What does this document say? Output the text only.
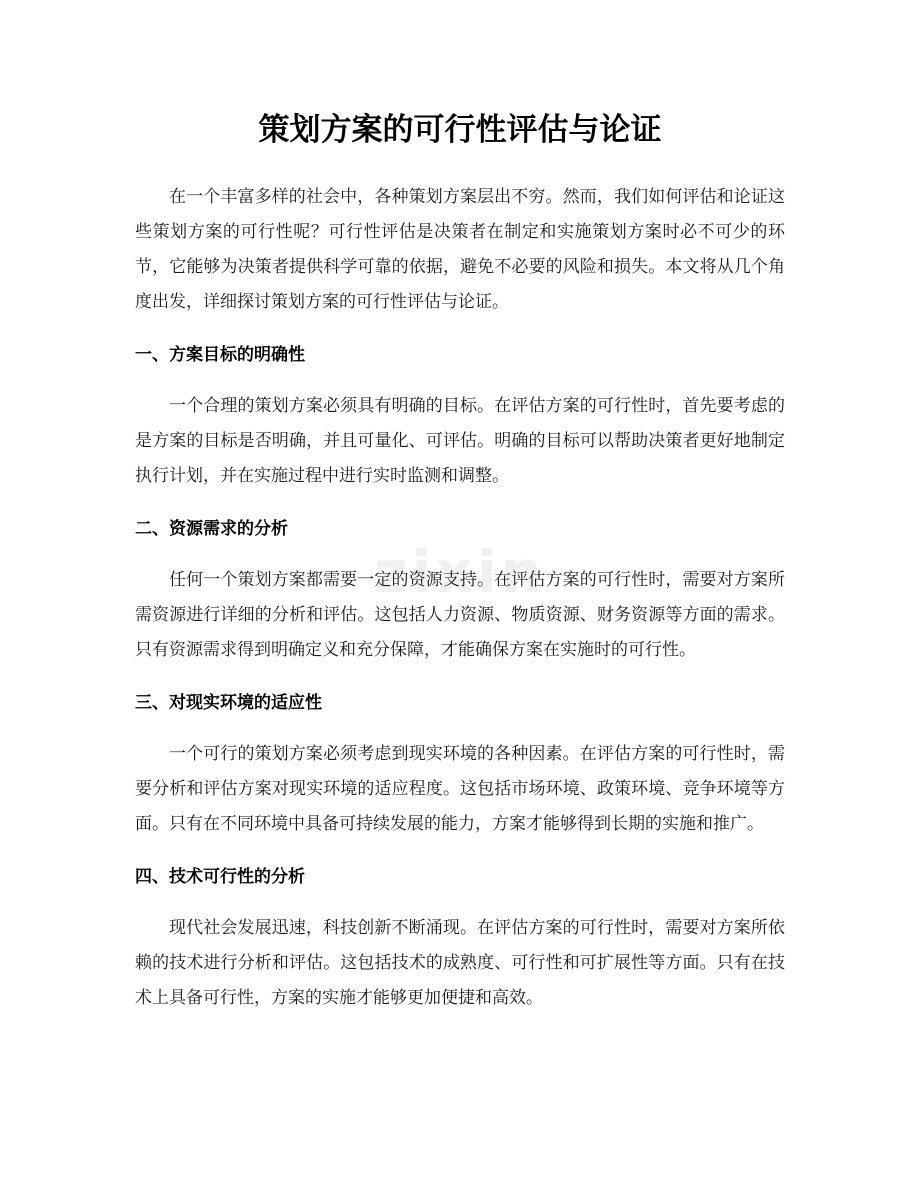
zixin
策划方案的可行性评估与论证

在一个丰富多样的社会中，各种策划方案层出不穷。然而，我们如何评估和论证这些策划方案的可行性呢？可行性评估是决策者在制定和实施策划方案时必不可少的环节，它能够为决策者提供科学可靠的依据，避免不必要的风险和损失。本文将从几个角度出发，详细探讨策划方案的可行性评估与论证。

一、方案目标的明确性

一个合理的策划方案必须具有明确的目标。在评估方案的可行性时，首先要考虑的是方案的目标是否明确，并且可量化、可评估。明确的目标可以帮助决策者更好地制定执行计划，并在实施过程中进行实时监测和调整。

二、资源需求的分析

任何一个策划方案都需要一定的资源支持。在评估方案的可行性时，需要对方案所需资源进行详细的分析和评估。这包括人力资源、物质资源、财务资源等方面的需求。只有资源需求得到明确定义和充分保障，才能确保方案在实施时的可行性。

三、对现实环境的适应性

一个可行的策划方案必须考虑到现实环境的各种因素。在评估方案的可行性时，需要分析和评估方案对现实环境的适应程度。这包括市场环境、政策环境、竞争环境等方面。只有在不同环境中具备可持续发展的能力，方案才能够得到长期的实施和推广。

四、技术可行性的分析

现代社会发展迅速，科技创新不断涌现。在评估方案的可行性时，需要对方案所依赖的技术进行分析和评估。这包括技术的成熟度、可行性和可扩展性等方面。只有在技术上具备可行性，方案的实施才能够更加便捷和高效。
